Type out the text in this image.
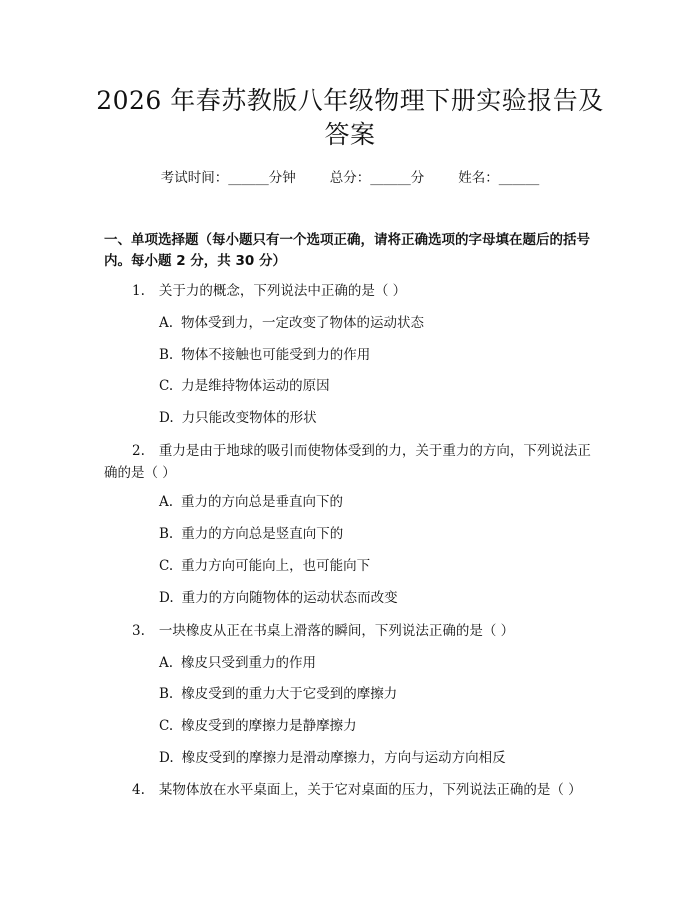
2026 年春苏教版八年级物理下册实验报告及
答案
考试时间：______分钟	总分：______分	姓名：______
一、单项选择题（每小题只有一个选项正确，请将正确选项的字母填在题后的括号内。每小题 2 分，共 30 分）
1. 关于力的概念，下列说法中正确的是（ ）
A. 物体受到力，一定改变了物体的运动状态
B. 物体不接触也可能受到力的作用
C. 力是维持物体运动的原因
D. 力只能改变物体的形状
2. 重力是由于地球的吸引而使物体受到的力，关于重力的方向，下列说法正确的是（ ）
A. 重力的方向总是垂直向下的
B. 重力的方向总是竖直向下的
C. 重力方向可能向上，也可能向下
D. 重力的方向随物体的运动状态而改变
3. 一块橡皮从正在书桌上滑落的瞬间，下列说法正确的是（ ）
A. 橡皮只受到重力的作用
B. 橡皮受到的重力大于它受到的摩擦力
C. 橡皮受到的摩擦力是静摩擦力
D. 橡皮受到的摩擦力是滑动摩擦力，方向与运动方向相反
4. 某物体放在水平桌面上，关于它对桌面的压力，下列说法正确的是（ ）
